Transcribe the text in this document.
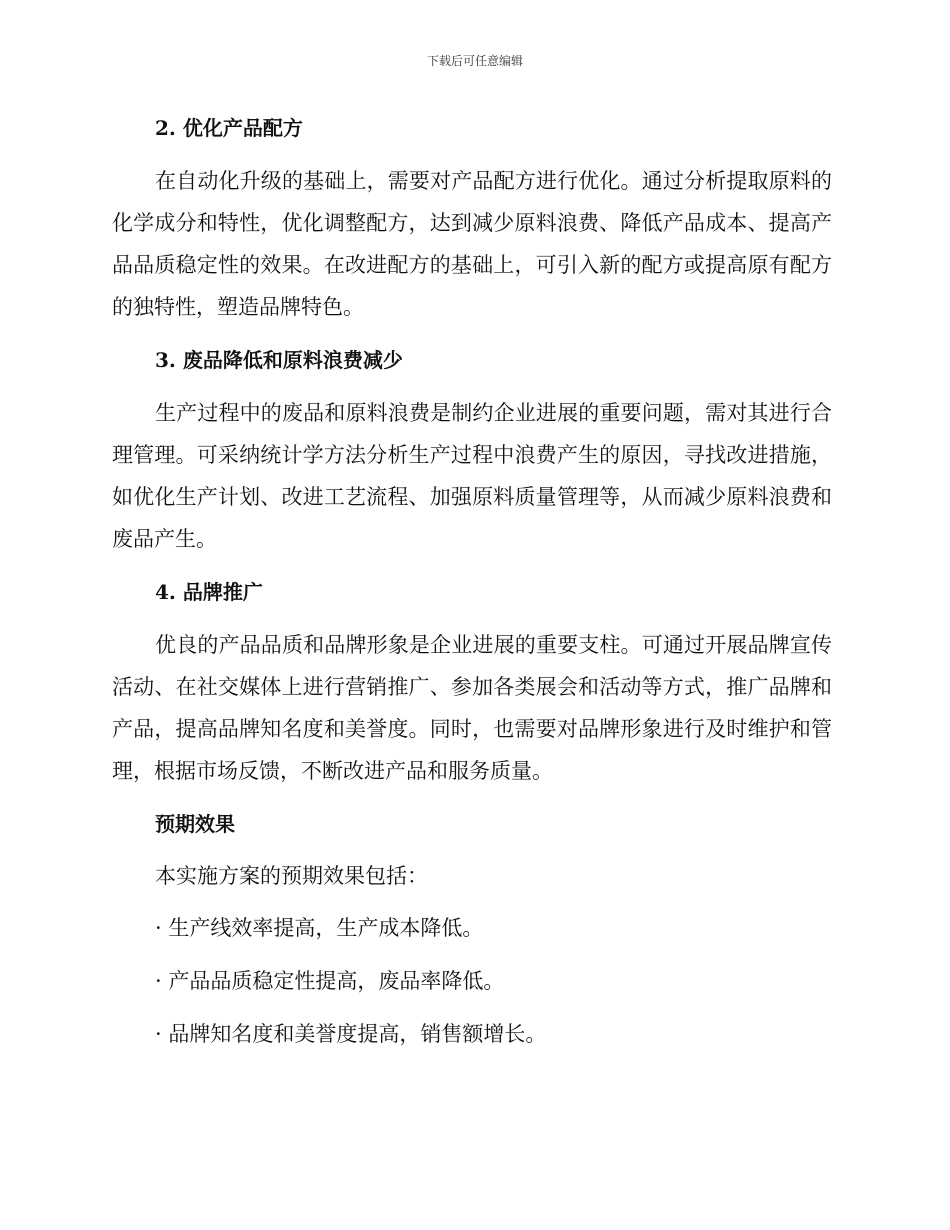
下载后可任意编辑
2. 优化产品配方

在自动化升级的基础上，需要对产品配方进行优化。通过分析提取原料的化学成分和特性，优化调整配方，达到减少原料浪费、降低产品成本、提高产品品质稳定性的效果。在改进配方的基础上，可引入新的配方或提高原有配方的独特性，塑造品牌特色。

3. 废品降低和原料浪费减少

生产过程中的废品和原料浪费是制约企业进展的重要问题，需对其进行合理管理。可采纳统计学方法分析生产过程中浪费产生的原因，寻找改进措施，如优化生产计划、改进工艺流程、加强原料质量管理等，从而减少原料浪费和废品产生。

4. 品牌推广

优良的产品品质和品牌形象是企业进展的重要支柱。可通过开展品牌宣传活动、在社交媒体上进行营销推广、参加各类展会和活动等方式，推广品牌和产品，提高品牌知名度和美誉度。同时，也需要对品牌形象进行及时维护和管理，根据市场反馈，不断改进产品和服务质量。

预期效果

本实施方案的预期效果包括：

· 生产线效率提高，生产成本降低。

· 产品品质稳定性提高，废品率降低。

· 品牌知名度和美誉度提高，销售额增长。
